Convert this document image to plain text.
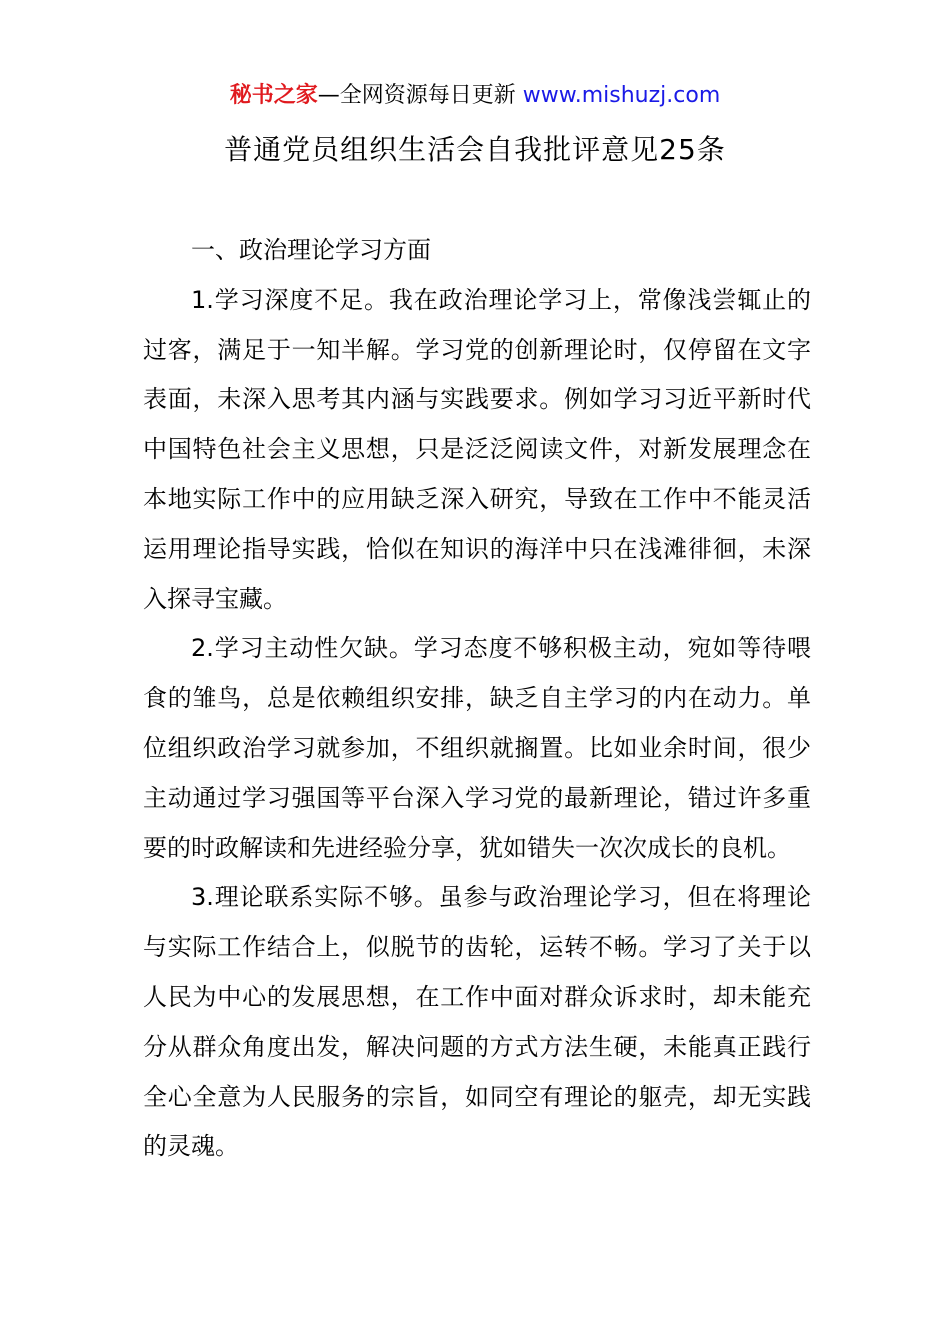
秘书之家—全网资源每日更新 www.mishuzj.com
普通党员组织生活会自我批评意见25条

一、政治理论学习方面

1.学习深度不足。我在政治理论学习上，常像浅尝辄止的过客，满足于一知半解。学习党的创新理论时，仅停留在文字表面，未深入思考其内涵与实践要求。例如学习习近平新时代中国特色社会主义思想，只是泛泛阅读文件，对新发展理念在本地实际工作中的应用缺乏深入研究，导致在工作中不能灵活运用理论指导实践，恰似在知识的海洋中只在浅滩徘徊，未深入探寻宝藏。

2.学习主动性欠缺。学习态度不够积极主动，宛如等待喂食的雏鸟，总是依赖组织安排，缺乏自主学习的内在动力。单位组织政治学习就参加，不组织就搁置。比如业余时间，很少主动通过学习强国等平台深入学习党的最新理论，错过许多重要的时政解读和先进经验分享，犹如错失一次次成长的良机。

3.理论联系实际不够。虽参与政治理论学习，但在将理论与实际工作结合上，似脱节的齿轮，运转不畅。学习了关于以人民为中心的发展思想，在工作中面对群众诉求时，却未能充分从群众角度出发，解决问题的方式方法生硬，未能真正践行全心全意为人民服务的宗旨，如同空有理论的躯壳，却无实践的灵魂。
